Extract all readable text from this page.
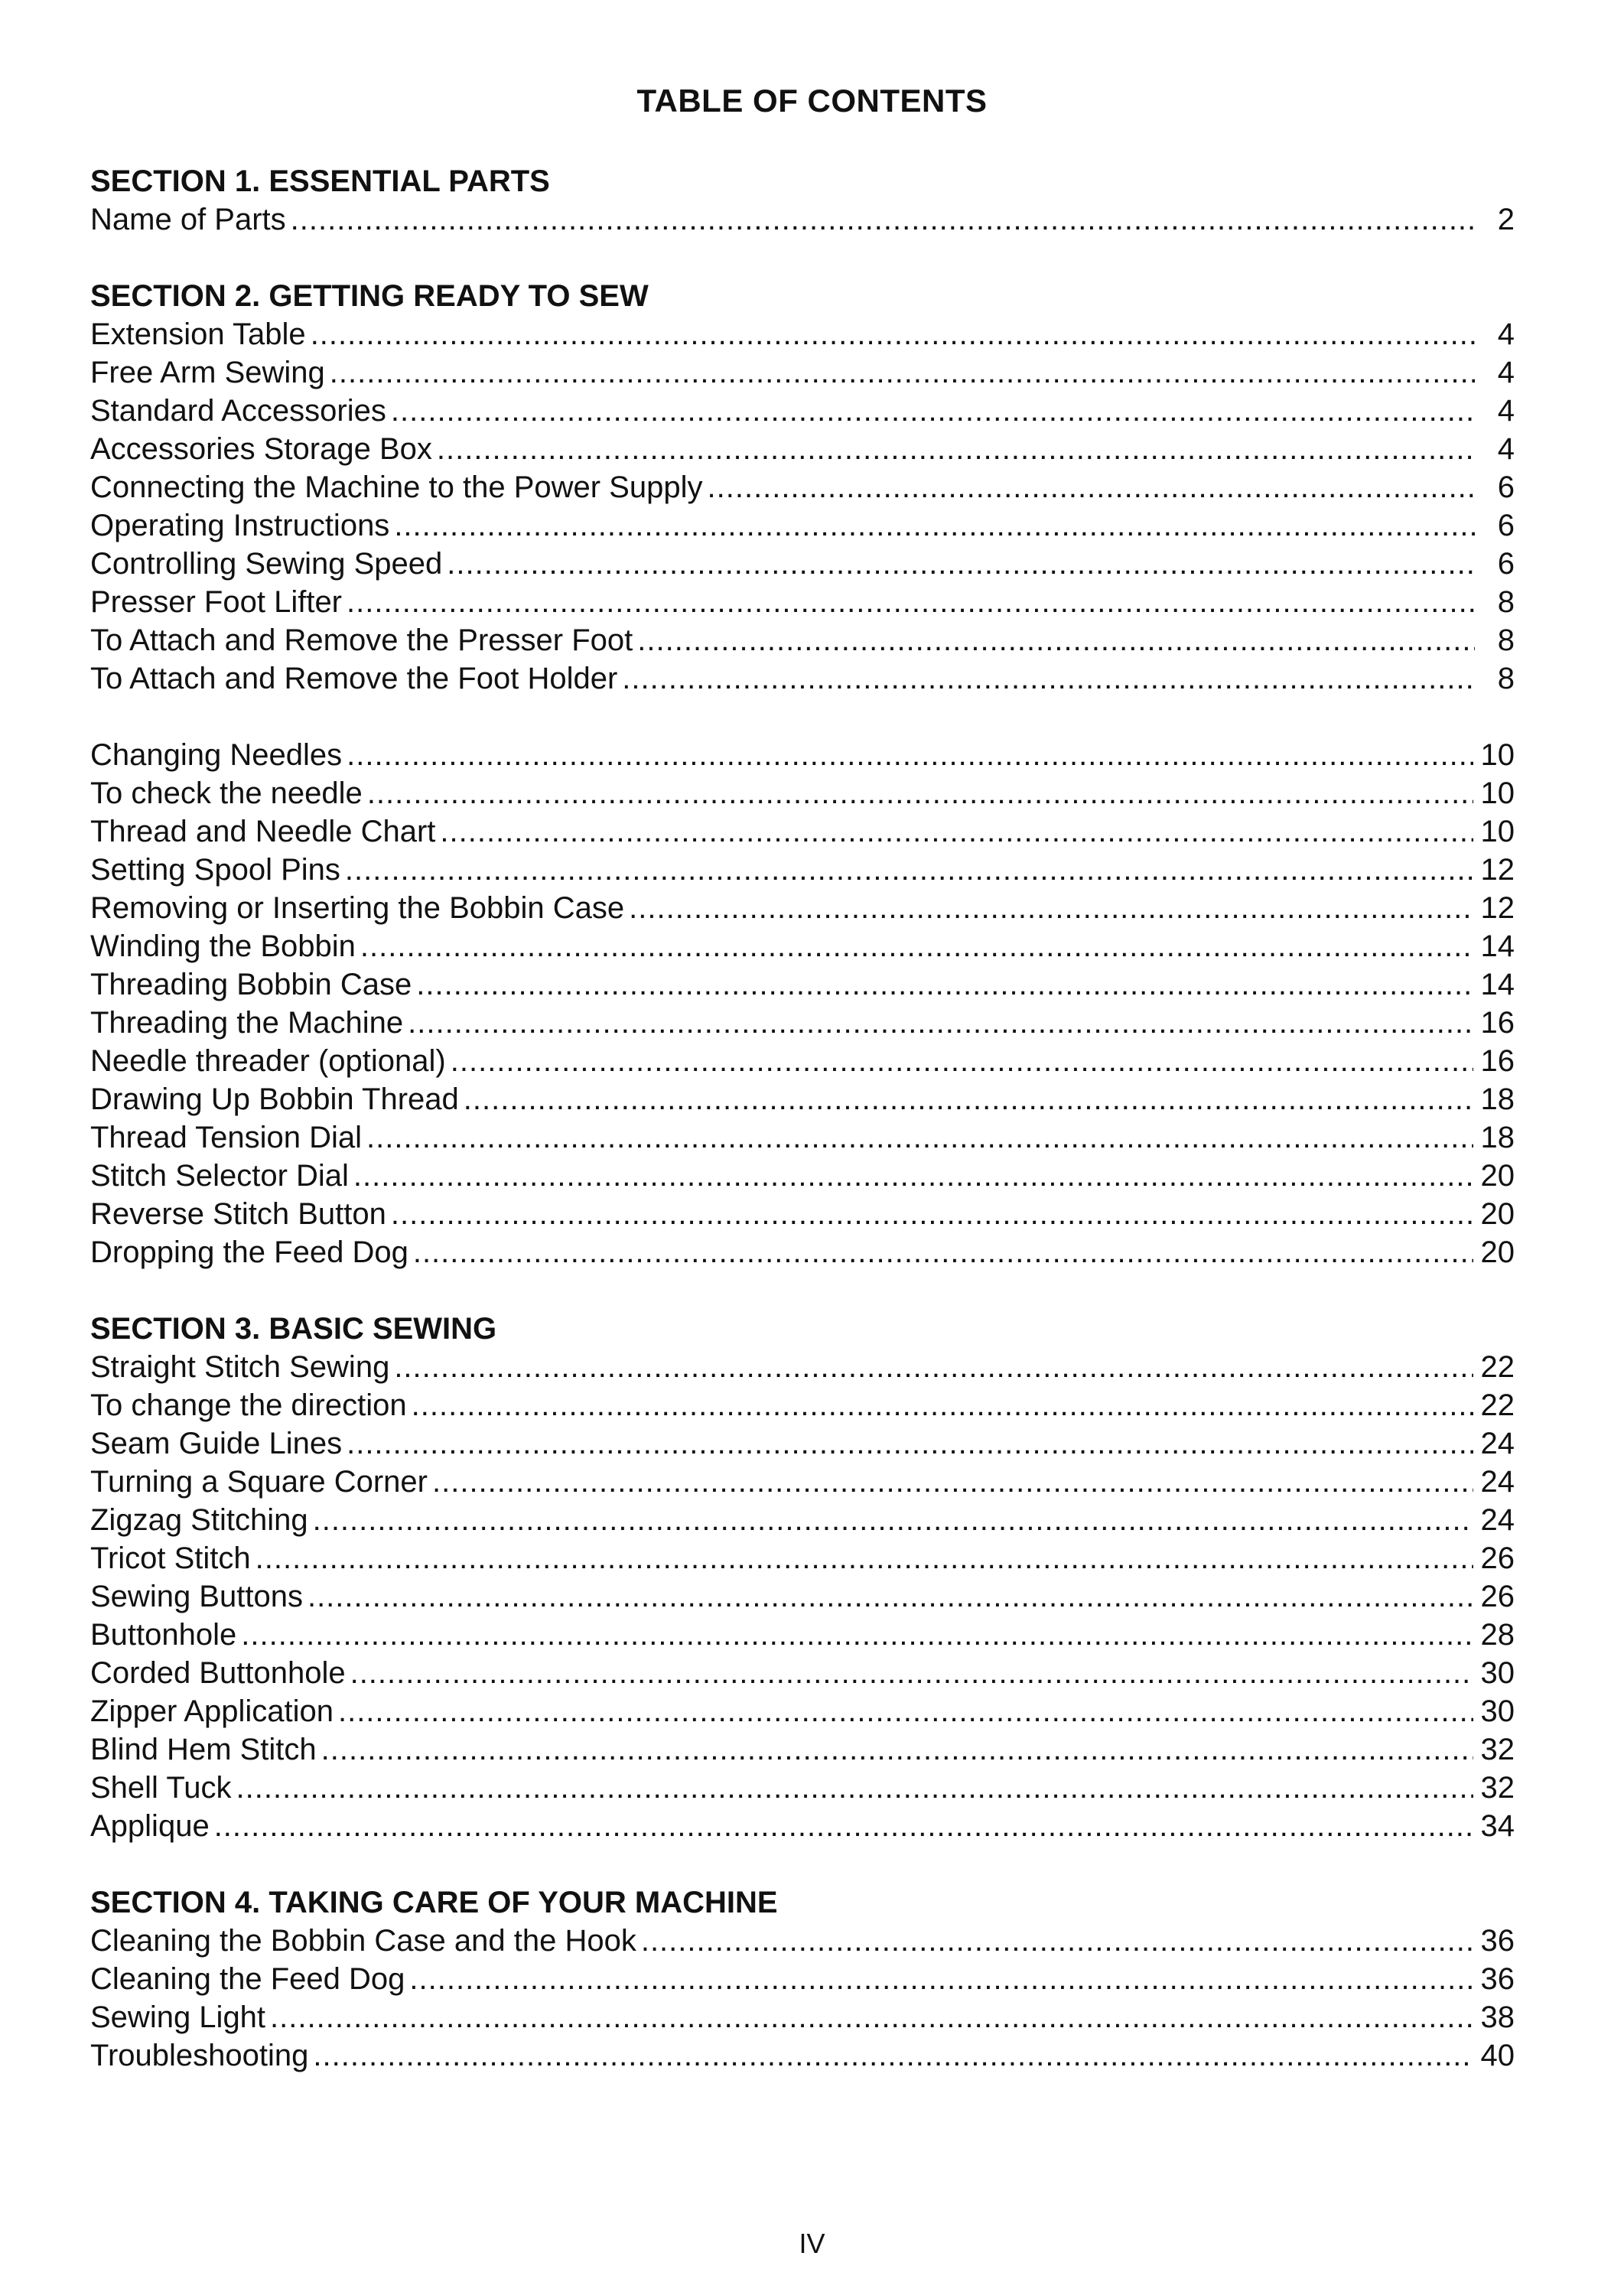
TABLE OF CONTENTS
SECTION 1. ESSENTIAL PARTS
Name of Parts .....	2
SECTION 2. GETTING READY TO SEW
Extension Table .....	4
Free Arm Sewing .....	4
Standard Accessories .....	4
Accessories Storage Box .....	4
Connecting the Machine to the Power Supply .....	6
Operating Instructions .....	6
Controlling Sewing Speed .....	6
Presser Foot Lifter .....	8
To Attach and Remove the Presser Foot .....	8
To Attach and Remove the Foot Holder .....	8
Changing Needles .....	10
To check the needle .....	10
Thread and Needle Chart .....	10
Setting Spool Pins .....	12
Removing or Inserting the Bobbin Case .....	12
Winding the Bobbin .....	14
Threading Bobbin Case .....	14
Threading the Machine .....	16
Needle threader (optional) .....	16
Drawing Up Bobbin Thread .....	18
Thread Tension Dial .....	18
Stitch Selector Dial .....	20
Reverse Stitch Button .....	20
Dropping the Feed Dog .....	20
SECTION 3. BASIC SEWING
Straight Stitch Sewing .....	22
To change the direction .....	22
Seam Guide Lines .....	24
Turning a Square Corner .....	24
Zigzag Stitching .....	24
Tricot Stitch .....	26
Sewing Buttons .....	26
Buttonhole .....	28
Corded Buttonhole .....	30
Zipper Application .....	30
Blind Hem Stitch .....	32
Shell Tuck .....	32
Applique .....	34
SECTION 4. TAKING CARE OF YOUR MACHINE
Cleaning the Bobbin Case and the Hook .....	36
Cleaning the Feed Dog .....	36
Sewing Light .....	38
Troubleshooting .....	40
IV
